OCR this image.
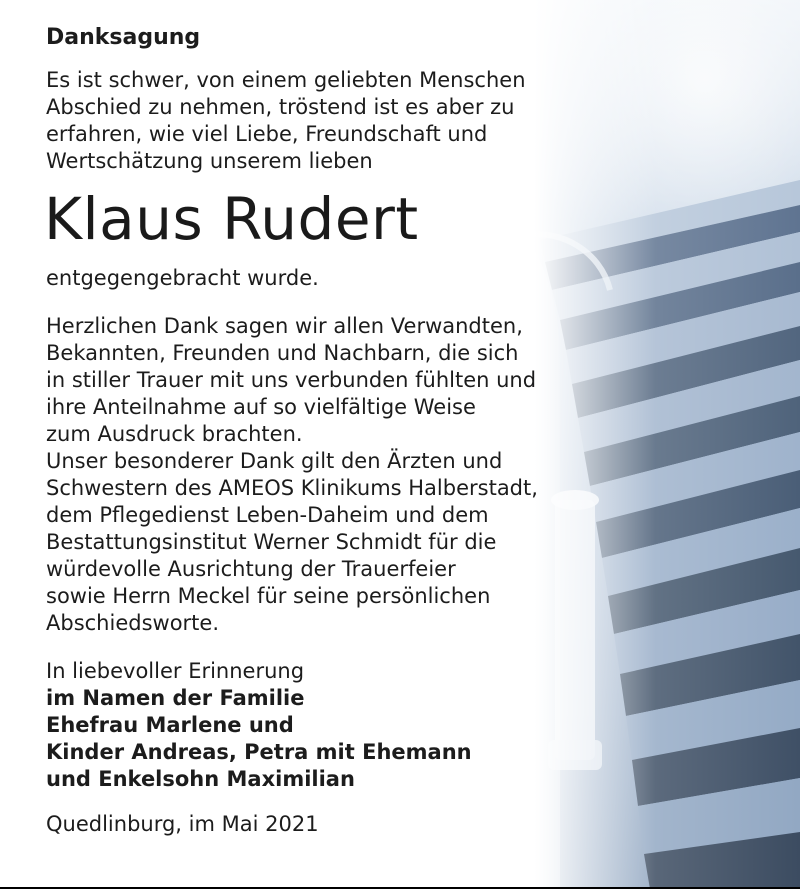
Danksagung
Es ist schwer, von einem geliebten Menschen
Abschied zu nehmen, tröstend ist es aber zu
erfahren, wie viel Liebe, Freundschaft und
Wertschätzung unserem lieben
Klaus Rudert
entgegengebracht wurde.
Herzlichen Dank sagen wir allen Verwandten,
Bekannten, Freunden und Nachbarn, die sich
in stiller Trauer mit uns verbunden fühlten und
ihre Anteilnahme auf so vielfältige Weise
zum Ausdruck brachten.
Unser besonderer Dank gilt den Ärzten und
Schwestern des AMEOS Klinikums Halberstadt,
dem Pflegedienst Leben-Daheim und dem
Bestattungsinstitut Werner Schmidt für die
würdevolle Ausrichtung der Trauerfeier
sowie Herrn Meckel für seine persönlichen
Abschiedsworte.
In liebevoller Erinnerung
im Namen der Familie
Ehefrau Marlene und
Kinder Andreas, Petra mit Ehemann
und Enkelsohn Maximilian
Quedlinburg, im Mai 2021
